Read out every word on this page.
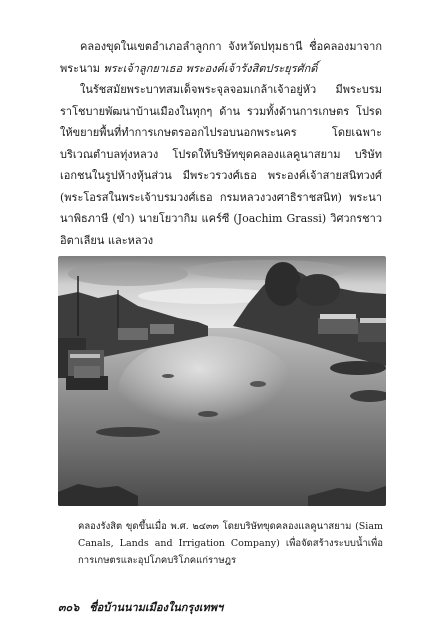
คลองขุดในเขตอำเภอลำลูกกา จังหวัดปทุมธานี ชื่อคลองมาจากพระนาม พระเจ้าลูกยาเธอ พระองค์เจ้ารังสิตประยุรศักดิ์

ในรัชสมัยพระบาทสมเด็จพระจุลจอมเกล้าเจ้าอยู่หัว มีพระบรมราโชบายพัฒนาบ้านเมืองในทุกๆ ด้าน รวมทั้งด้านการเกษตร โปรดให้ขยายพื้นที่ทำการเกษตรออกไปรอบนอกพระนคร โดยเฉพาะบริเวณตำบลทุ่งหลวง โปรดให้บริษัทขุดคลองแลคูนาสยาม บริษัทเอกชนในรูปห้างหุ้นส่วน มีพระวรวงศ์เธอ พระองค์เจ้าสายสนิทวงศ์ (พระโอรสในพระเจ้าบรมวงศ์เธอ กรมหลวงวงศาธิราชสนิท) พระนานาพิธภาษี (ขำ) นายโยวากิม แคร์ซี (Joachim Grassi) วิศวกรชาวอิตาเลียน และหลวง

คลองรังสิต ขุดขึ้นเมื่อ พ.ศ. ๒๔๓๓ โดยบริษัทขุดคลองแลคูนาสยาม (Siam Canals, Lands and Irrigation Company) เพื่อจัดสร้างระบบน้ำเพื่อการเกษตรและอุปโภคบริโภคแก่ราษฎร
๓๐๖ ชื่อบ้านนามเมืองในกรุงเทพฯ
